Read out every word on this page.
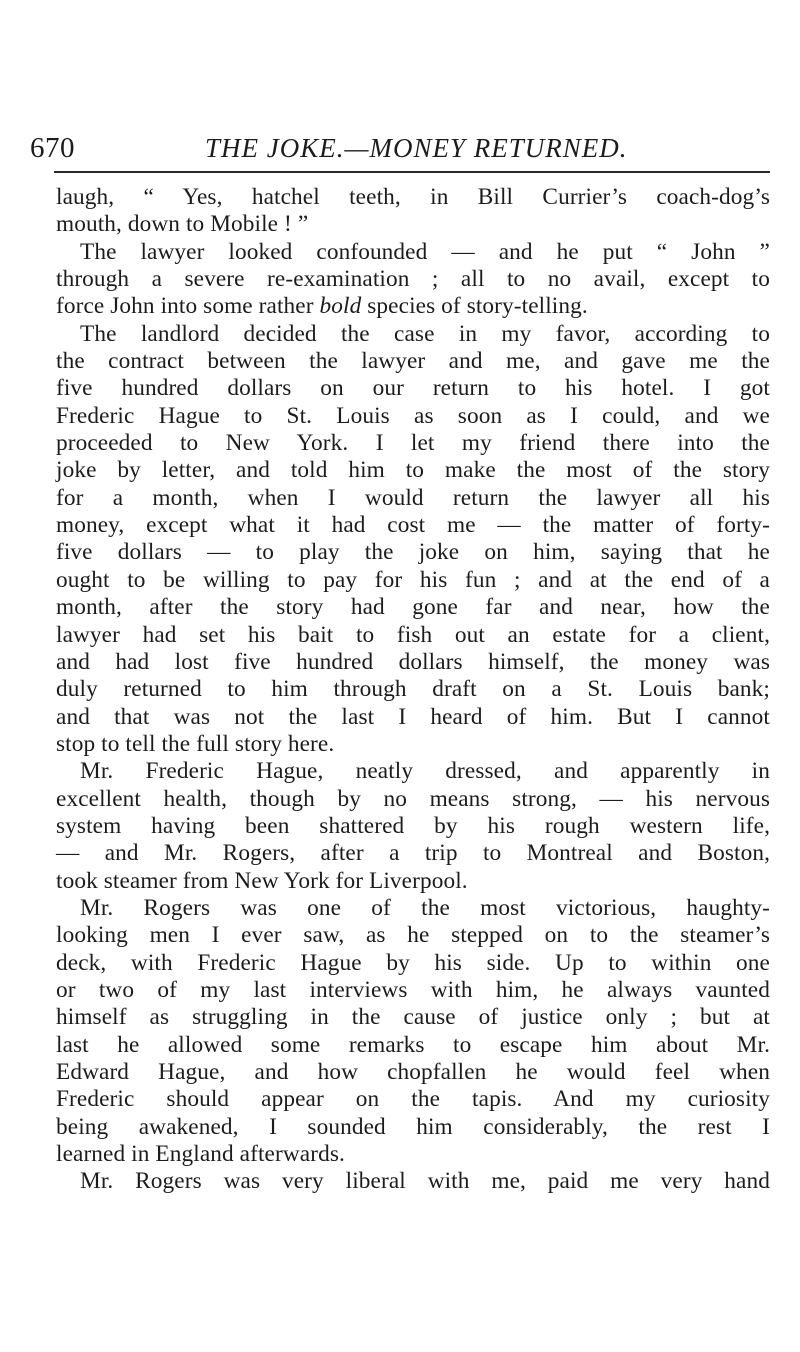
670	THE JOKE.—MONEY RETURNED.
laugh, “ Yes, hatchel teeth, in Bill Currier’s coach-dog’s
mouth, down to Mobile ! ”
The lawyer looked confounded — and he put “ John ”
through a severe re-examination ; all to no avail, except to
force John into some rather bold species of story-telling.
The landlord decided the case in my favor, according to
the contract between the lawyer and me, and gave me the
five hundred dollars on our return to his hotel. I got
Frederic Hague to St. Louis as soon as I could, and we
proceeded to New York. I let my friend there into the
joke by letter, and told him to make the most of the story
for a month, when I would return the lawyer all his
money, except what it had cost me — the matter of forty-
five dollars — to play the joke on him, saying that he
ought to be willing to pay for his fun ; and at the end of a
month, after the story had gone far and near, how the
lawyer had set his bait to fish out an estate for a client,
and had lost five hundred dollars himself, the money was
duly returned to him through draft on a St. Louis bank;
and that was not the last I heard of him. But I cannot
stop to tell the full story here.
Mr. Frederic Hague, neatly dressed, and apparently in
excellent health, though by no means strong, — his nervous
system having been shattered by his rough western life,
— and Mr. Rogers, after a trip to Montreal and Boston,
took steamer from New York for Liverpool.
Mr. Rogers was one of the most victorious, haughty-
looking men I ever saw, as he stepped on to the steamer’s
deck, with Frederic Hague by his side. Up to within one
or two of my last interviews with him, he always vaunted
himself as struggling in the cause of justice only ; but at
last he allowed some remarks to escape him about Mr.
Edward Hague, and how chopfallen he would feel when
Frederic should appear on the tapis. And my curiosity
being awakened, I sounded him considerably, the rest I
learned in England afterwards.
Mr. Rogers was very liberal with me, paid me very hand
